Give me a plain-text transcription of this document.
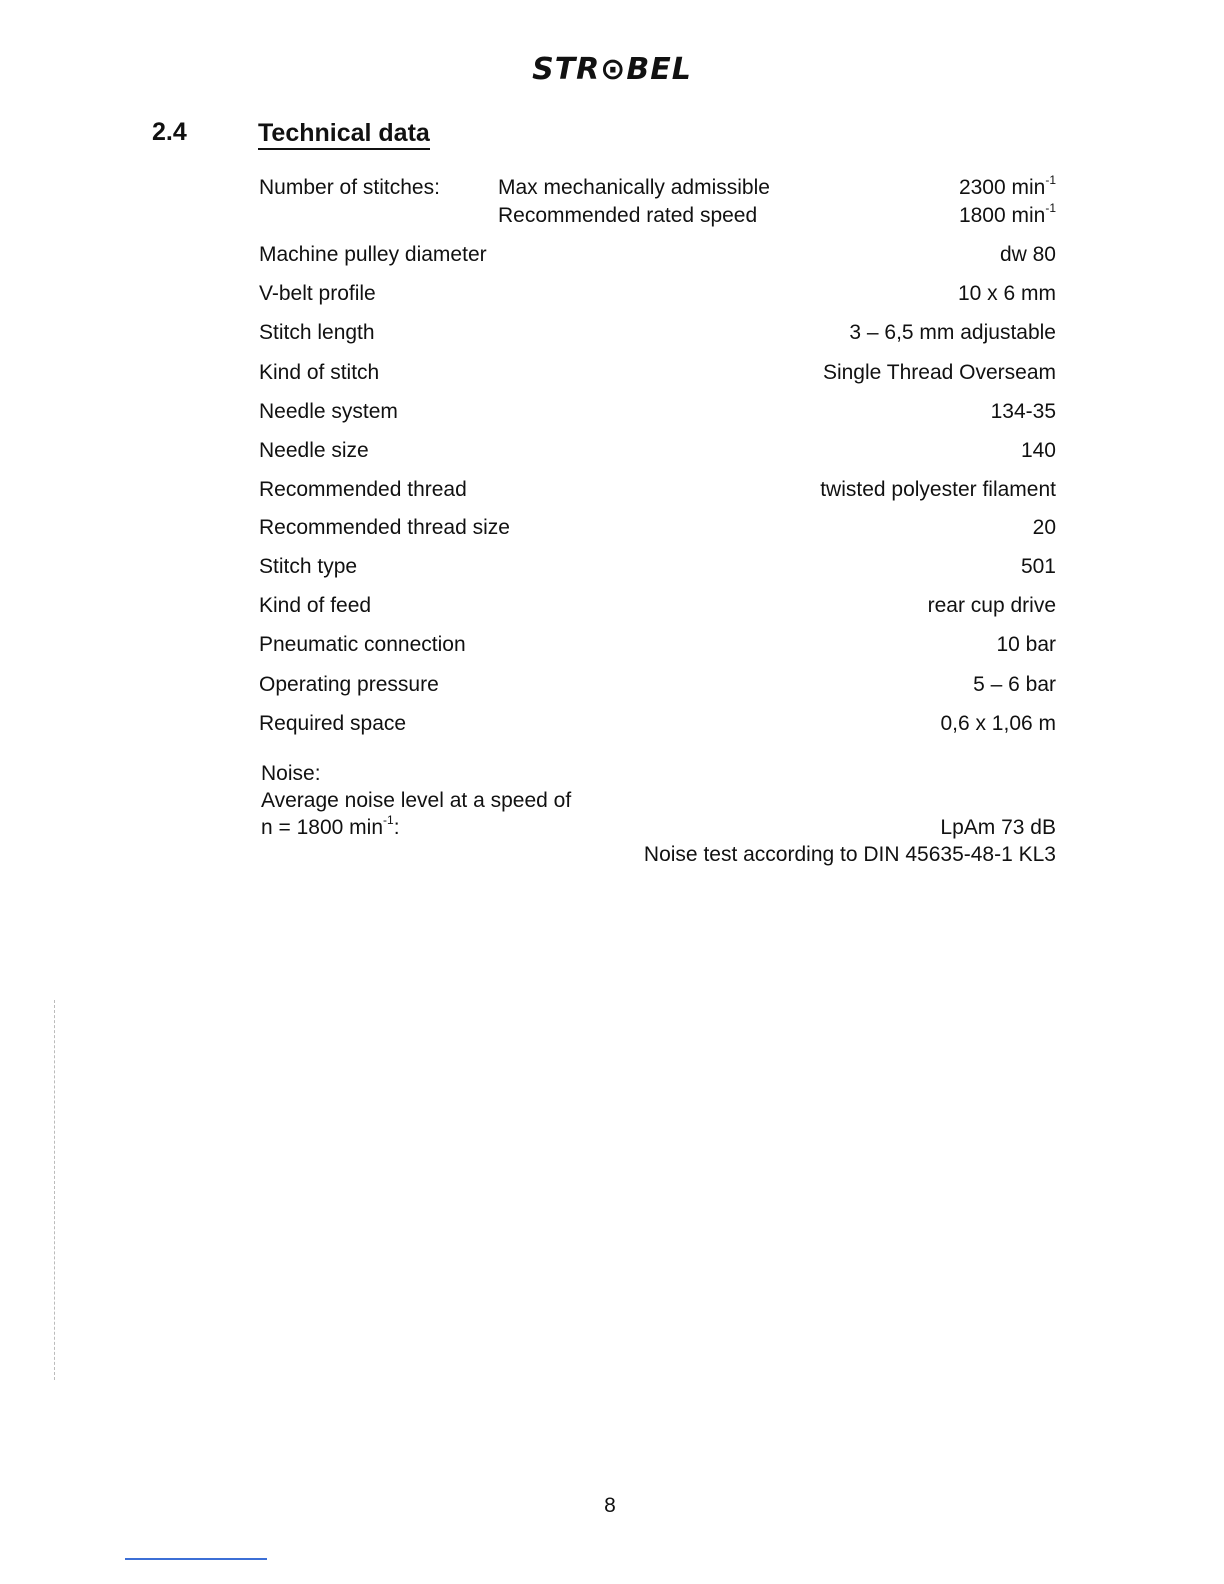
STR⊙BEL
2.4	Technical data
Number of stitches:	Max mechanically admissible	2300 $\min^{-1}$
Recommended rated speed	1800 $\min^{-1}$
Machine pulley diameter	dw 80
V-belt profile	10 x 6 mm
Stitch length	3 – 6,5 mm adjustable
Kind of stitch	Single Thread Overseam
Needle system	134-35
Needle size	140
Recommended thread	twisted polyester filament
Recommended thread size	20
Stitch type	501
Kind of feed	rear cup drive
Pneumatic connection	10 bar
Operating pressure	5 – 6 bar
Required space	0,6 x 1,06 m
Noise:
Average noise level at a speed of
n = 1800 $\min^{-1}$:	LpAm 73 dB
Noise test according to DIN 45635-48-1 KL3
8
